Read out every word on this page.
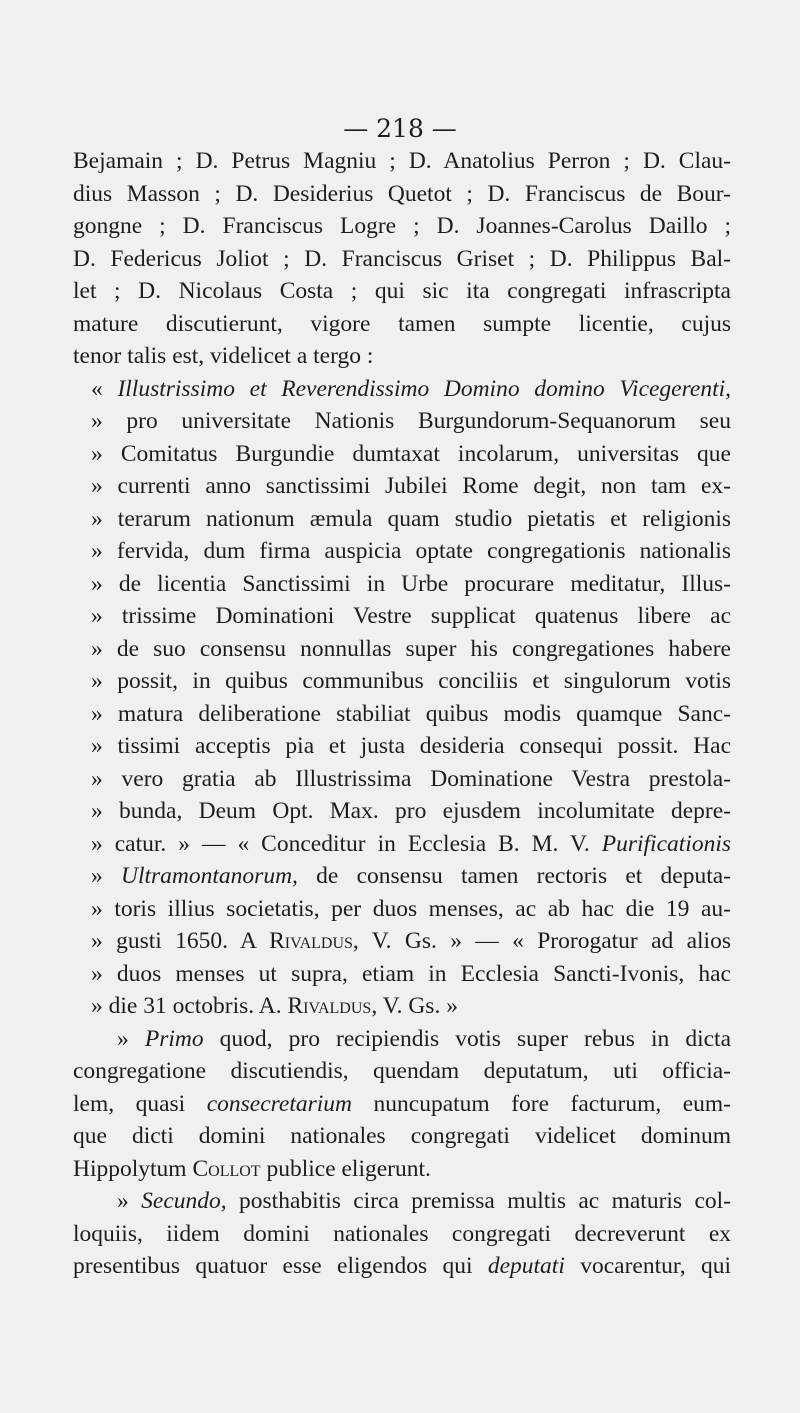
— 218 —
Bejamain ; D. Petrus Magniu ; D. Anatolius Perron ; D. Clau-
dius Masson ; D. Desiderius Quetot ; D. Franciscus de Bour-
gongne ; D. Franciscus Logre ; D. Joannes-Carolus Daillo ;
D. Federicus Joliot ; D. Franciscus Griset ; D. Philippus Bal-
let ; D. Nicolaus Costa ; qui sic ita congregati infrascripta
mature discutierunt, vigore tamen sumpte licentie, cujus
tenor talis est, videlicet a tergo :
« Illustrissimo et Reverendissimo Domino domino Vicegerenti,
» pro universitate Nationis Burgundorum-Sequanorum seu
» Comitatus Burgundie dumtaxat incolarum, universitas que
» currenti anno sanctissimi Jubilei Rome degit, non tam ex-
» terarum nationum æmula quam studio pietatis et religionis
» fervida, dum firma auspicia optate congregationis nationalis
» de licentia Sanctissimi in Urbe procurare meditatur, Illus-
» trissime Dominationi Vestre supplicat quatenus libere ac
» de suo consensu nonnullas super his congregationes habere
» possit, in quibus communibus conciliis et singulorum votis
» matura deliberatione stabiliat quibus modis quamque Sanc-
» tissimi acceptis pia et justa desideria consequi possit. Hac
» vero gratia ab Illustrissima Dominatione Vestra prestola-
» bunda, Deum Opt. Max. pro ejusdem incolumitate depre-
» catur. » — « Conceditur in Ecclesia B. M. V. Purificationis
» Ultramontanorum, de consensu tamen rectoris et deputa-
» toris illius societatis, per duos menses, ac ab hac die 19 au-
» gusti 1650. A Rivaldus, V. Gs. » — « Prorogatur ad alios
» duos menses ut supra, etiam in Ecclesia Sancti-Ivonis, hac
» die 31 octobris. A. Rivaldus, V. Gs. »
» Primo quod, pro recipiendis votis super rebus in dicta
congregatione discutiendis, quendam deputatum, uti officia-
lem, quasi consecretarium nuncupatum fore facturum, eum-
que dicti domini nationales congregati videlicet dominum
Hippolytum Collot publice eligerunt.
» Secundo, posthabitis circa premissa multis ac maturis col-
loquiis, iidem domini nationales congregati decreverunt ex
presentibus quatuor esse eligendos qui deputati vocarentur, qui
